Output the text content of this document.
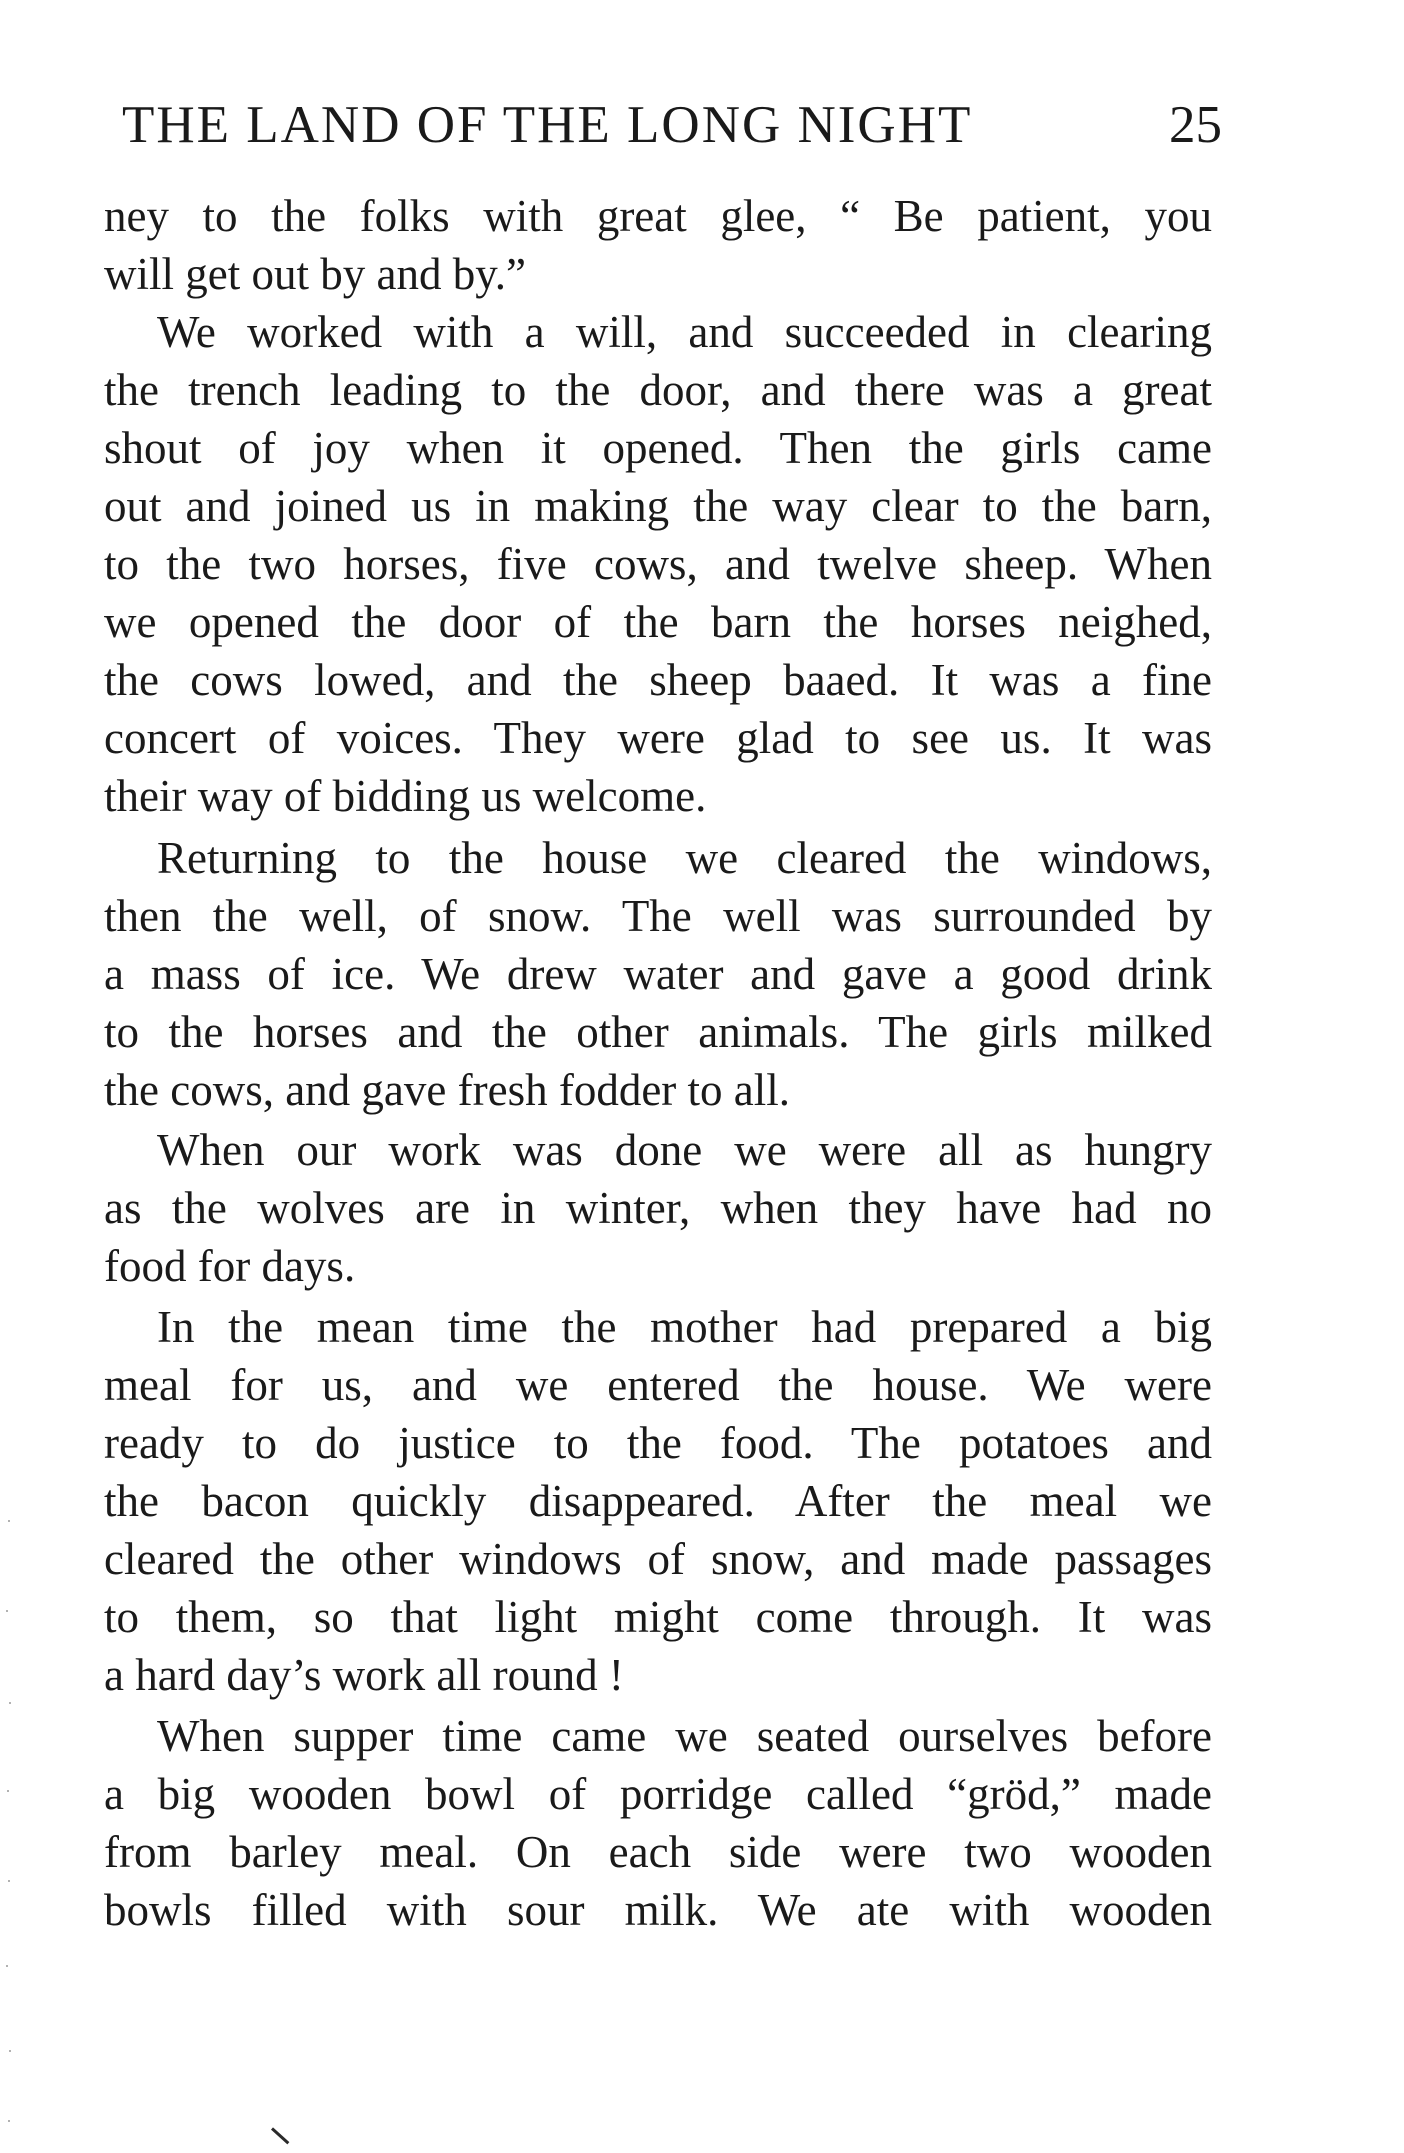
THE LAND OF THE LONG NIGHT	25
ney to the folks with great glee, “ Be patient, you
will get out by and by.”
We worked with a will, and succeeded in clearing
the trench leading to the door, and there was a great
shout of joy when it opened. Then the girls came
out and joined us in making the way clear to the barn,
to the two horses, five cows, and twelve sheep. When
we opened the door of the barn the horses neighed,
the cows lowed, and the sheep baaed. It was a fine
concert of voices. They were glad to see us. It was
their way of bidding us welcome.
Returning to the house we cleared the windows,
then the well, of snow. The well was surrounded by
a mass of ice. We drew water and gave a good drink
to the horses and the other animals. The girls milked
the cows, and gave fresh fodder to all.
When our work was done we were all as hungry
as the wolves are in winter, when they have had no
food for days.
In the mean time the mother had prepared a big
meal for us, and we entered the house. We were
ready to do justice to the food. The potatoes and
the bacon quickly disappeared. After the meal we
cleared the other windows of snow, and made passages
to them, so that light might come through. It was
a hard day’s work all round !
When supper time came we seated ourselves before
a big wooden bowl of porridge called “gröd,” made
from barley meal. On each side were two wooden
bowls filled with sour milk. We ate with wooden
